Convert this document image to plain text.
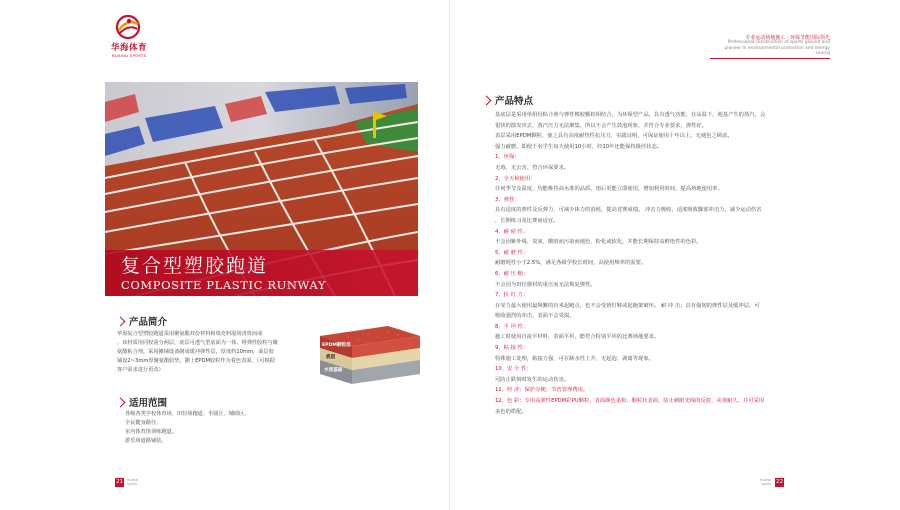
华海体育
HUAHAI SPORTS
复合型塑胶跑道
COMPOSITE PLASTIC RUNWAY
产品简介
华海复合型塑胶跑道采用聚氨酯双份材料和填充料混场浇筑而成
，该材质用同权重分两层，底层可透气型底面为一体，将弹性胶粒与聚
氨酯粘合剂，采用摊铺设备制成缓冲弹性层，厚度约10mm，面层胶
铺设2~3mm厚聚氨酯胶垫，撒上EPDM胶粒作为着色表面。（可根据
客户需求进行更改）
EPDM颗粒层
底层
水泥基础
适用范围
各级各类学校体育场、田径场跑道、半圆区、辅助区。
全民健身路径。
室内体育馆训练跑道。
游乐场道路铺装。
21	Huahai
sports
专业运动场地施工 · 环保节能国际领先
Professional construction of sports ground and pioneer in environmental protection and energy saving
产品特点

基底层是采用单组份粘合剂与弹性橡胶颗粒相结合，为环保型产品，具有透气功能，在高温下，地基产生的蒸汽，会

很快的散发出去，蒸汽压力无法聚集，所以不会产生鼓泡现象，并符合专业要求，弹性好。

表层采用EPDM颗粒，使之具有高度耐热性抗压力，实践证明，可保证使用十年以上，无褪色之顾虑。

强力耐磨，即使千名学生每天使用10小时，经10年还能保持极佳状态。

1、环保：

无毒、无公害、符合环保要求。

2、全天候使用：

任何季节及温度，均能维持高水准的品质，雨后更能立即使用，增加利用时间，提高场地使用率。

3、弹性：

具有适度的弹性及反弹力，可减少体力的消耗，提高竞赛成绩。 冲击力吸收，适度吸收脚部冲击力，减少运动伤害

，长期练习及比赛而适宜。

4、耐 候 性：

不会因紫外线、臭氧、酸雨而污染而褪色、粉化或软化，并能长期保持高鲜艳性的色彩。

5、耐 磨 性：

耐磨耗性小于2.5%，满足各级学校长时间，高使用频率的需要。

6、耐 压 缩：

不会因为田径器材的重压而无法恢复弹性。

7、抗 钉 力：

在受力最大使用最频繁的百米起跑点，也不会受到钉鞋或起跑架破坏。 耐 冲 击；具有强韧的弹性层及缓冲层，可

吸收强烈的冲击，表面不会受损。

8、平 坦 性：

施工时使用自流平材料，表面平坦，能符合特别平坦的比赛场地要求。

9、粘 接 性：

特殊施工处理，粘接力强，可在制水性上升，无起泡、剥离等现象。

10、安 全 性：

可防止跌倒时发生的运动伤害。

11、经 济：保护办便、节省管理费用。

12、色 彩：专用高弹性EPDM彩PU颗粒，表面颜色柔和，颗粒状表面，防止刺眼光线的反射，美观耐久，并可采用

多色的搭配。

Huahai
sports 22
